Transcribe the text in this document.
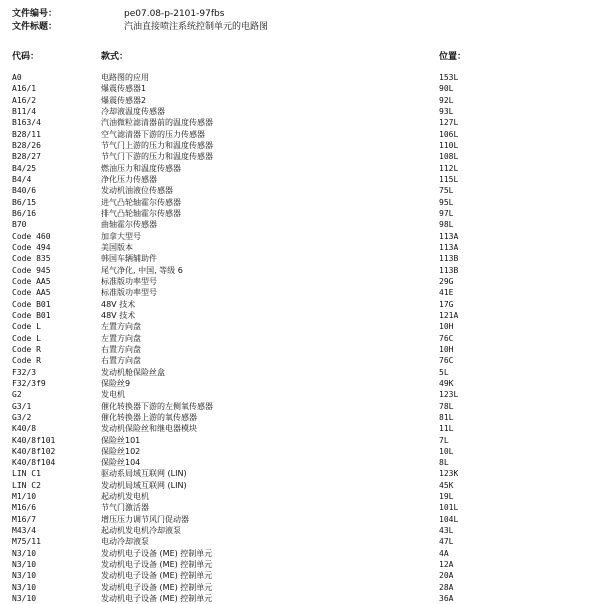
文件编号：	pe07.08-p-2101-97fbs
文件标题：	汽油直接喷注系统控制单元的电路图
代码：	款式：	位置：
A0	电路图的应用	153L
A16/1	爆震传感器1	90L
A16/2	爆震传感器2	92L
B11/4	冷却液温度传感器	93L
B163/4	汽油微粒滤清器前的温度传感器	127L
B28/11	空气滤清器下游的压力传感器	106L
B28/26	节气门上游的压力和温度传感器	110L
B28/27	节气门下游的压力和温度传感器	108L
B4/25	燃油压力和温度传感器	112L
B4/4	净化压力传感器	115L
B40/6	发动机油液位传感器	75L
B6/15	进气凸轮轴霍尔传感器	95L
B6/16	排气凸轮轴霍尔传感器	97L
B70	曲轴霍尔传感器	98L
Code 460	加拿大型号	113A
Code 494	美国版本	113A
Code 835	韩国车辆辅助件	113B
Code 945	尾气净化, 中国, 等级 6	113B
Code AA5	标准版功率型号	29G
Code AA5	标准版功率型号	41E
Code B01	48V 技术	17G
Code B01	48V 技术	121A
Code L	左置方向盘	10H
Code L	左置方向盘	76C
Code R	右置方向盘	10H
Code R	右置方向盘	76C
F32/3	发动机舱保险丝盒	5L
F32/3f9	保险丝9	49K
G2	发电机	123L
G3/1	催化转换器下游的左侧氧传感器	78L
G3/2	催化转换器上游的氧传感器	81L
K40/8	发动机保险丝和继电器模块	11L
K40/8f101	保险丝101	7L
K40/8f102	保险丝102	10L
K40/8f104	保险丝104	8L
LIN C1	驱动系局域互联网 (LIN)	123K
LIN C2	发动机局域互联网 (LIN)	45K
M1/10	起动机发电机	19L
M16/6	节气门激活器	101L
M16/7	增压压力调节风门促动器	104L
M43/4	起动机发电机冷却液泵	43L
M75/11	电动冷却液泵	47L
N3/10	发动机电子设备 (ME) 控制单元	4A
N3/10	发动机电子设备 (ME) 控制单元	12A
N3/10	发动机电子设备 (ME) 控制单元	20A
N3/10	发动机电子设备 (ME) 控制单元	28A
N3/10	发动机电子设备 (ME) 控制单元	36A
